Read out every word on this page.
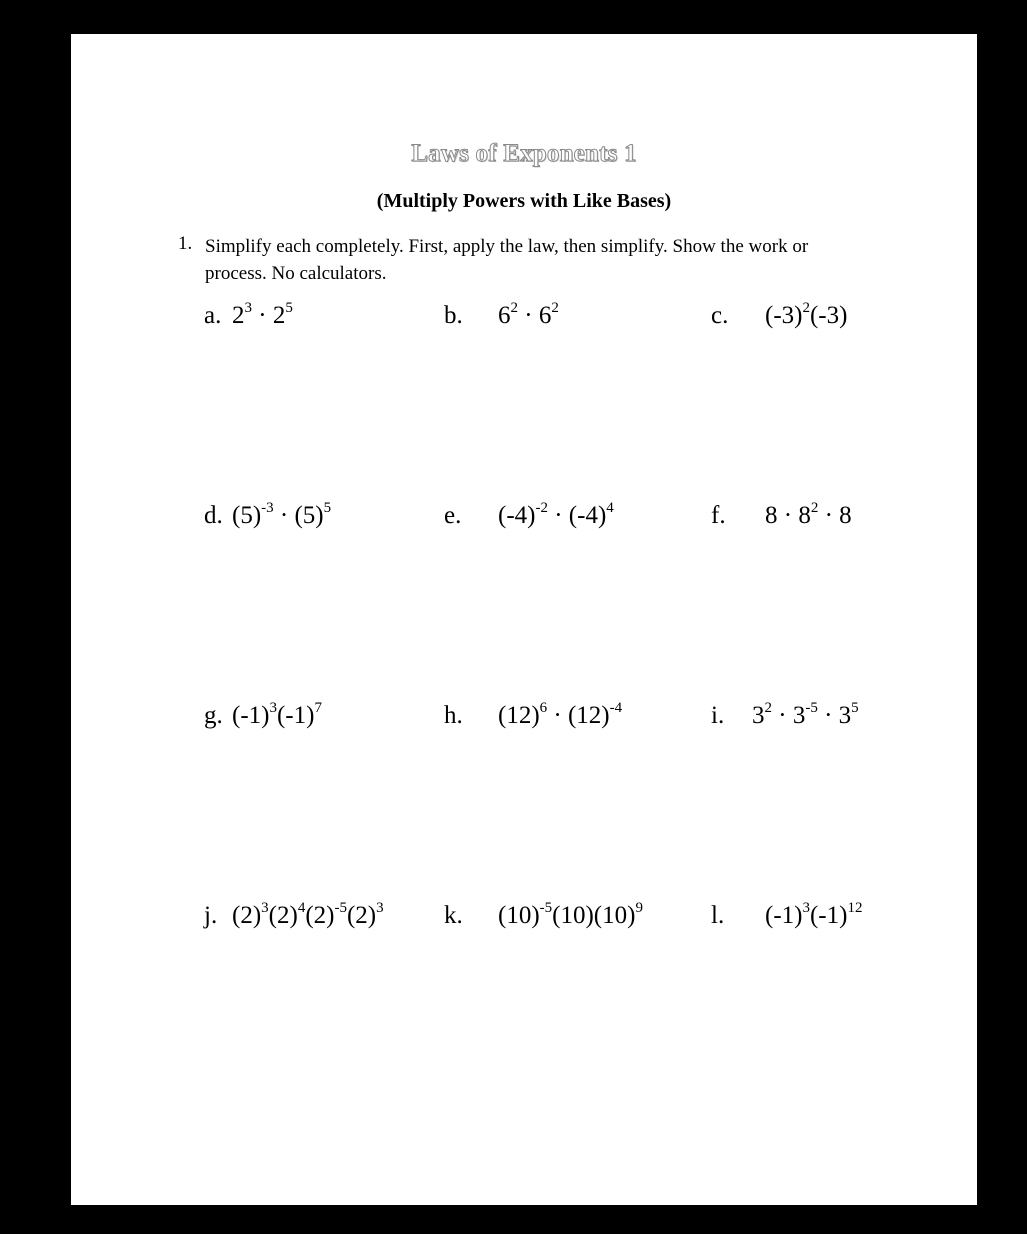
Laws of Exponents 1
(Multiply Powers with Like Bases)
1. Simplify each completely. First, apply the law, then simplify. Show the work or process. No calculators.
a. $2^3 \cdot 2^5$	b. $6^2 \cdot 6^2$	c. $(-3)^2(-3)$
d. $(5)^{-3} \cdot (5)^5$	e. $(-4)^{-2} \cdot (-4)^4$	f. $8 \cdot 8^2 \cdot 8$
g. $(-1)^3(-1)^7$	h. $(12)^6 \cdot (12)^{-4}$	i. $3^2 \cdot 3^{-5} \cdot 3^5$
j. $(2)^3(2)^4(2)^{-5}(2)^3$ k. $(10)^{-5}(10)(10)^9$	l. $(-1)^3(-1)^{12}$
